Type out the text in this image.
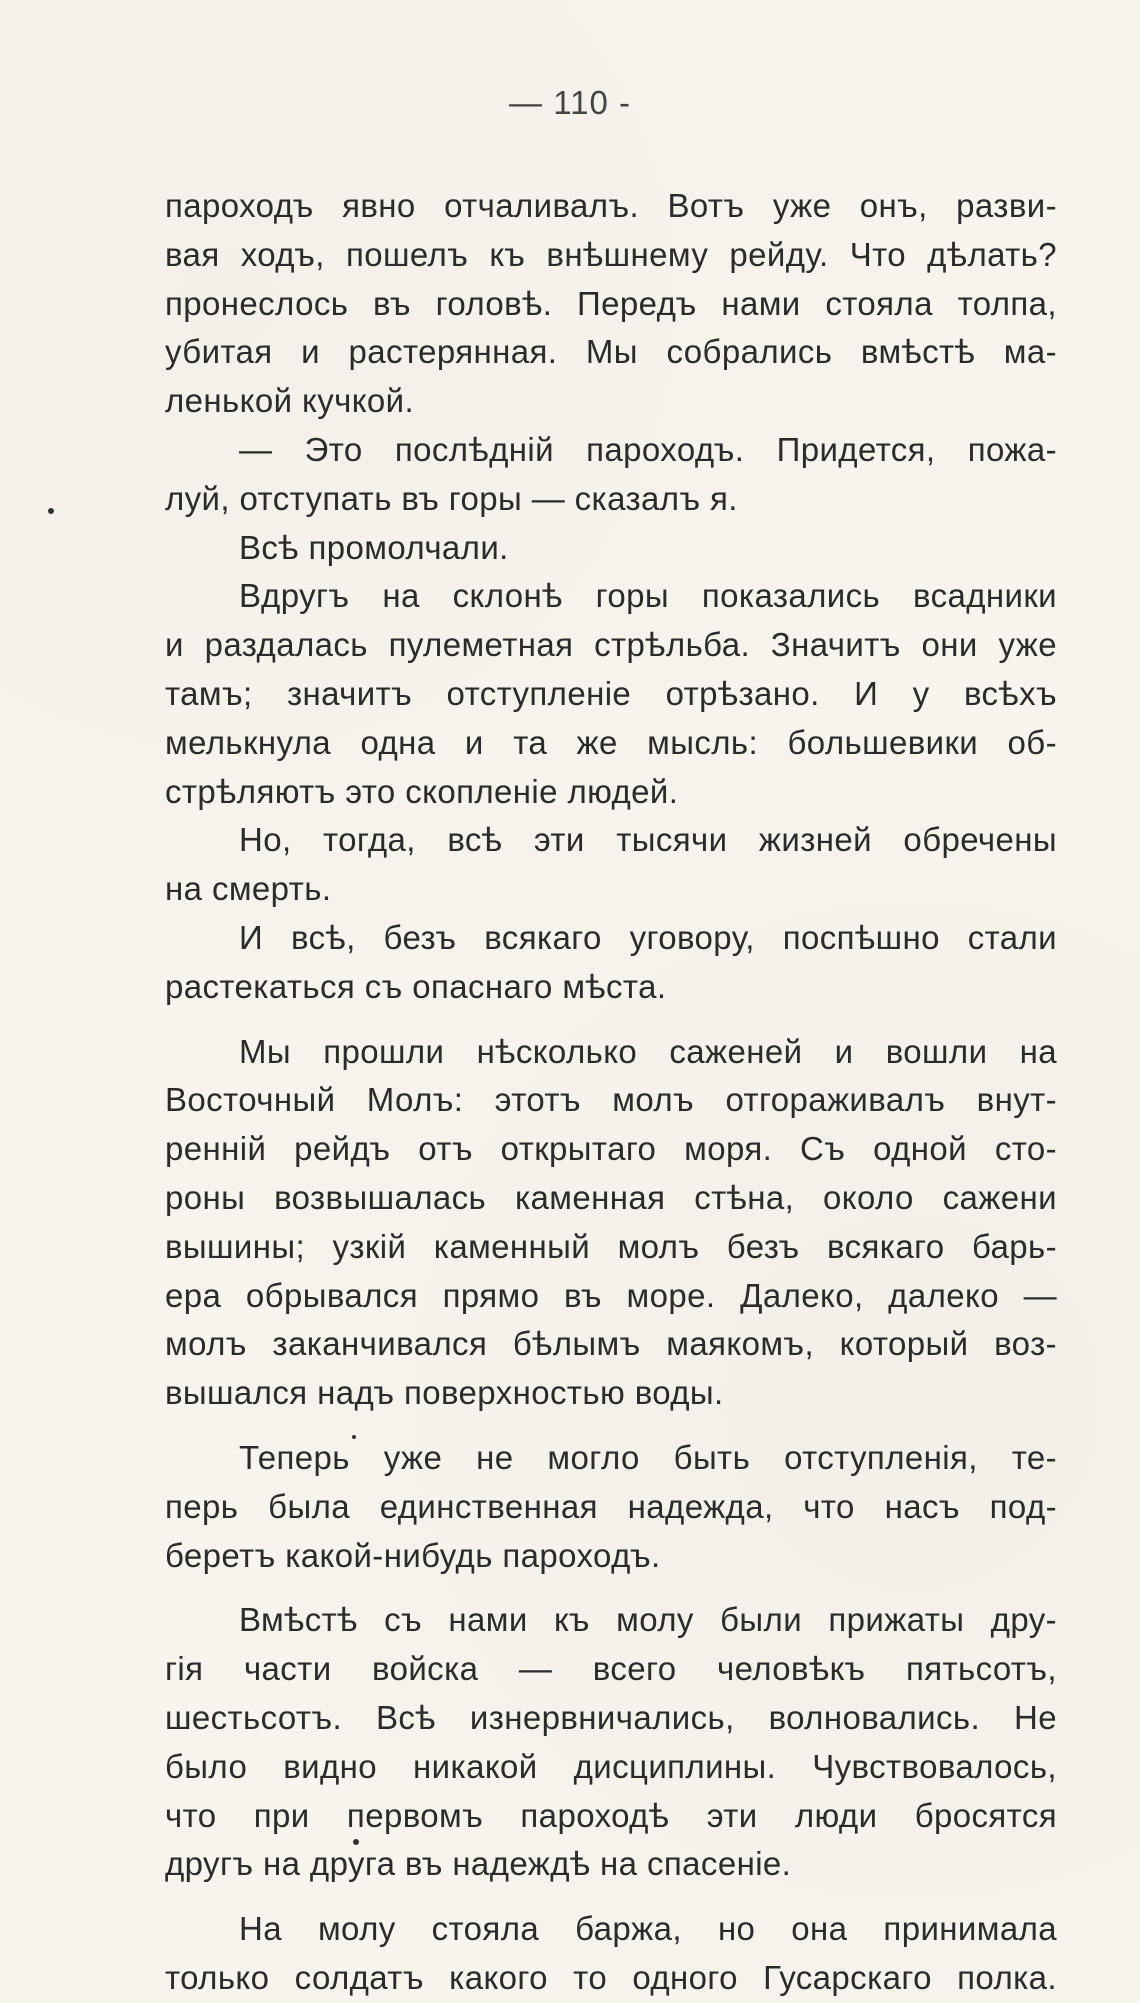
— 110 -
пароходъ явно отчаливалъ. Вотъ уже онъ, разви-
вая ходъ, пошелъ къ внѣшнему рейду. Что дѣлать?
пронеслось въ головѣ. Передъ нами стояла толпа,
убитая и растерянная. Мы собрались вмѣстѣ ма-
ленькой кучкой.
— Это послѣднiй пароходъ. Придется, пожа-
луй, отступать въ горы — сказалъ я.
Всѣ промолчали.
Вдругъ на склонѣ горы показались всадники
и раздалась пулеметная стрѣльба. Значитъ они уже
тамъ; значитъ отступленiе отрѣзано. И у всѣхъ
мелькнула одна и та же мысль: большевики об-
стрѣляютъ это скопленiе людей.
Но, тогда, всѣ эти тысячи жизней обречены
на смерть.
И всѣ, безъ всякаго уговору, поспѣшно стали
растекаться съ опаснаго мѣста.
Мы прошли нѣсколько саженей и вошли на
Восточный Молъ: этотъ молъ отгораживалъ внут-
реннiй рейдъ отъ открытаго моря. Съ одной сто-
роны возвышалась каменная стѣна, около сажени
вышины; узкiй каменный молъ безъ всякаго барь-
ера обрывался прямо въ море. Далеко, далеко —
молъ заканчивался бѣлымъ маякомъ, который воз-
вышался надъ поверхностью воды.
Теперь уже не могло быть отступленiя, те-
перь была единственная надежда, что насъ под-
беретъ какой-нибудь пароходъ.
Вмѣстѣ съ нами къ молу были прижаты дру-
гiя части войска — всего человѣкъ пятьсотъ,
шестьсотъ. Всѣ изнервничались, волновались. Не
было видно никакой дисциплины. Чувствовалось,
что при первомъ пароходѣ эти люди бросятся
другъ на друга въ надеждѣ на спасенiе.
На молу стояла баржа, но она принимала
только солдатъ какого то одного Гусарскаго полка.
